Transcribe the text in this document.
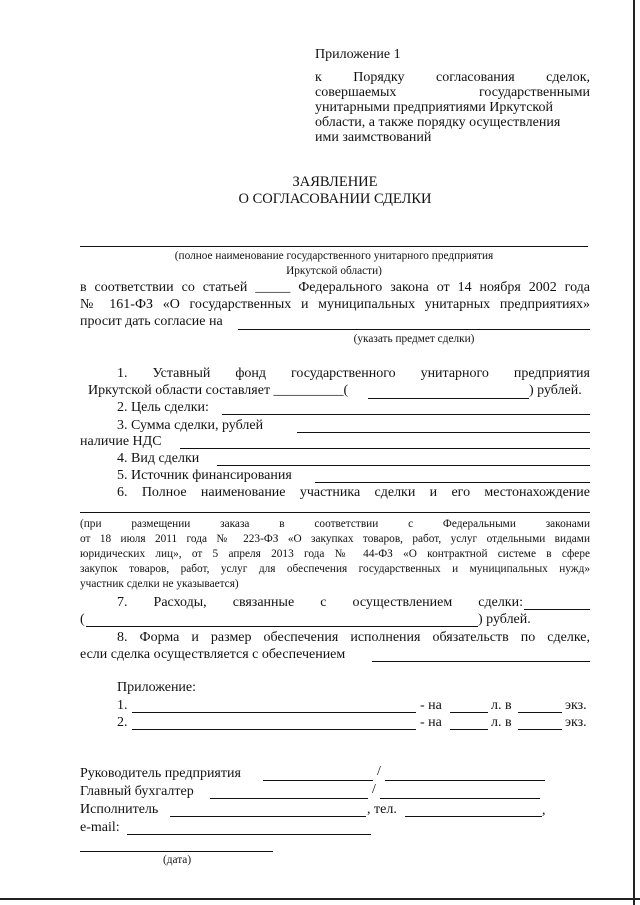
Приложение 1
к Порядку согласования сделок,
совершаемых государственными
унитарными предприятиями Иркутской
области, а также порядку осуществления
ими заимствований
ЗАЯВЛЕНИЕ
О СОГЛАСОВАНИИ СДЕЛКИ
(полное наименование государственного унитарного предприятия
Иркутской области)
в соответствии со статьей _____ Федерального закона от 14 ноября 2002 года
№ 161-ФЗ «О государственных и муниципальных унитарных предприятиях»
просит дать согласие на
(указать предмет сделки)
1. Уставный фонд государственного унитарного предприятия
Иркутской области составляет __________(	) рублей.
2. Цель сделки:
3. Сумма сделки, рублей
наличие НДС
4. Вид сделки
5. Источник финансирования
6. Полное наименование участника сделки и его местонахождение
(при размещении заказа в соответствии с Федеральными законами
от 18 июля 2011 года № 223-ФЗ «О закупках товаров, работ, услуг отдельными видами
юридических лиц», от 5 апреля 2013 года № 44-ФЗ «О контрактной системе в сфере
закупок товаров, работ, услуг для обеспечения государственных и муниципальных нужд»
участник сделки не указывается)
7. Расходы, связанные с осуществлением сделки:
(	) рублей.
8. Форма и размер обеспечения исполнения обязательств по сделке,
если сделка осуществляется с обеспечением
Приложение:
1.	- на	л. в	экз.
2.	- на	л. в	экз.
Руководитель предприятия	/
Главный бухгалтер	/
Исполнитель	, тел.	,
e-mail:
(дата)
